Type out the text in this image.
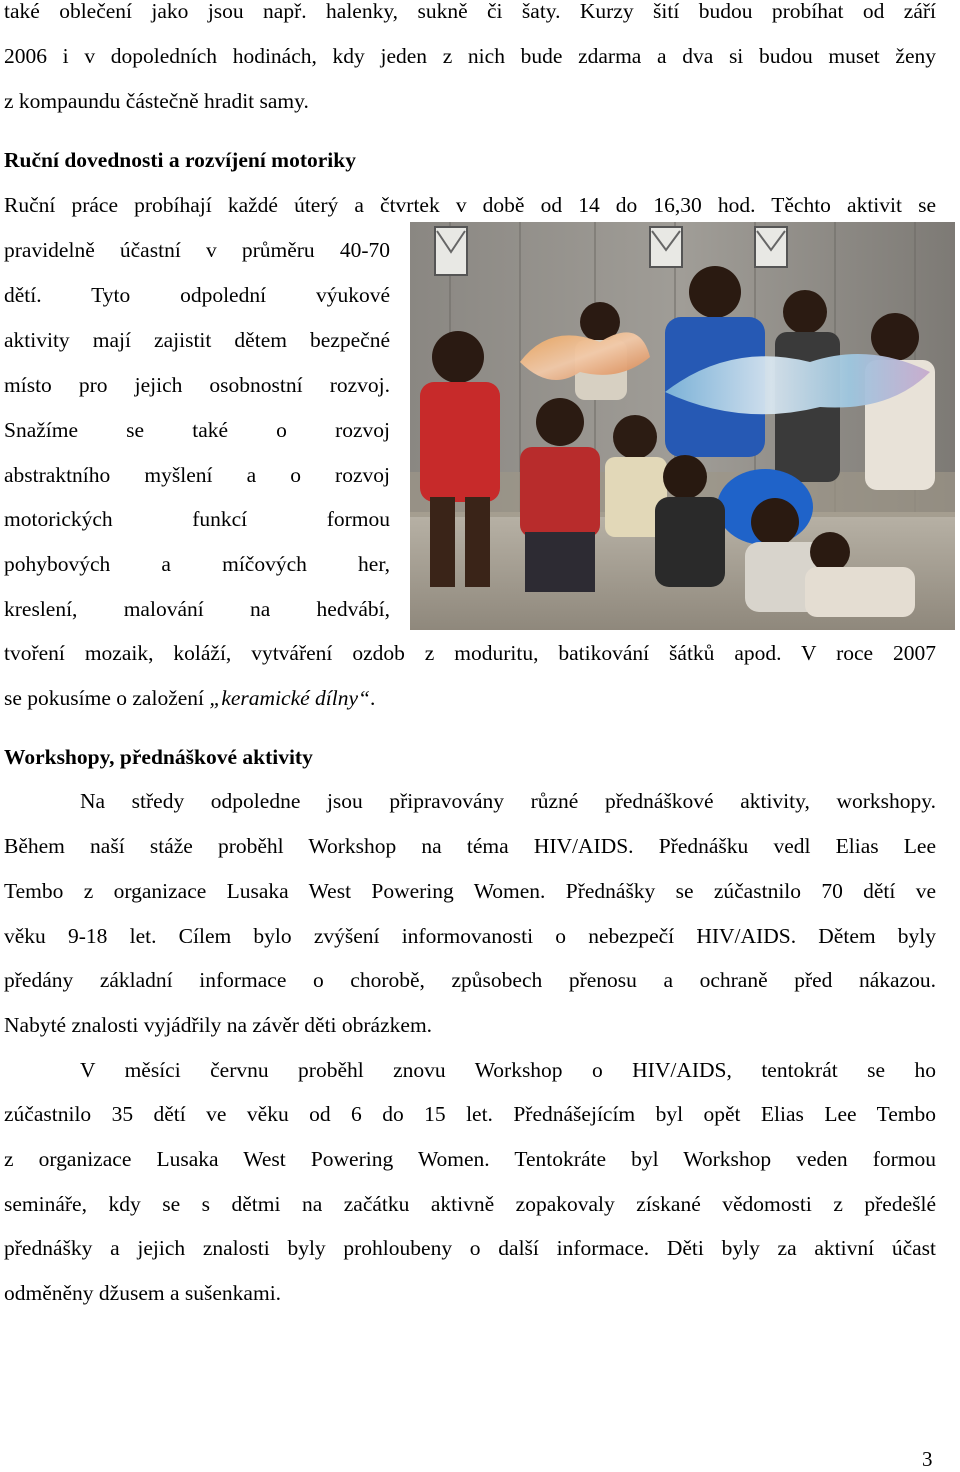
také oblečení jako jsou např. halenky, sukně či šaty. Kurzy šití budou probíhat od září

2006 i v dopoledních hodinách, kdy jeden z nich bude zdarma a dva si budou muset ženy

z kompaundu částečně hradit samy.

Ruční dovednosti a rozvíjení motoriky

Ruční práce probíhají každé úterý a čtvrtek v době od 14 do 16,30 hod. Těchto aktivit se

pravidelně účastní v průměru 40-70

dětí. Tyto odpolední výukové

aktivity mají zajistit dětem bezpečné

místo pro jejich osobnostní rozvoj.

Snažíme se také o rozvoj

abstraktního myšlení a o rozvoj

motorických funkcí formou

pohybových a míčových her,

kreslení, malování na hedvábí,

tvoření mozaik, koláží, vytváření ozdob z moduritu, batikování šátků apod. V roce 2007

se pokusíme o založení „keramické dílny“.

Workshopy, přednáškové aktivity

Na středy odpoledne jsou připravovány různé přednáškové aktivity, workshopy.

Během naší stáže proběhl Workshop na téma HIV/AIDS. Přednášku vedl Elias Lee

Tembo z organizace Lusaka West Powering Women. Přednášky se zúčastnilo 70 dětí ve

věku 9-18 let. Cílem bylo zvýšení informovanosti o nebezpečí HIV/AIDS. Dětem byly

předány základní informace o chorobě, způsobech přenosu a ochraně před nákazou.

Nabyté znalosti vyjádřily na závěr děti obrázkem.

V měsíci červnu proběhl znovu Workshop o HIV/AIDS, tentokrát se ho

zúčastnilo 35 dětí ve věku od 6 do 15 let. Přednášejícím byl opět Elias Lee Tembo

z organizace Lusaka West Powering Women. Tentokráte byl Workshop veden formou

semináře, kdy se s dětmi na začátku aktivně zopakovaly získané vědomosti z předešlé

přednášky a jejich znalosti byly prohloubeny o další informace. Děti byly za aktivní účast

odměněny džusem a sušenkami.

3
